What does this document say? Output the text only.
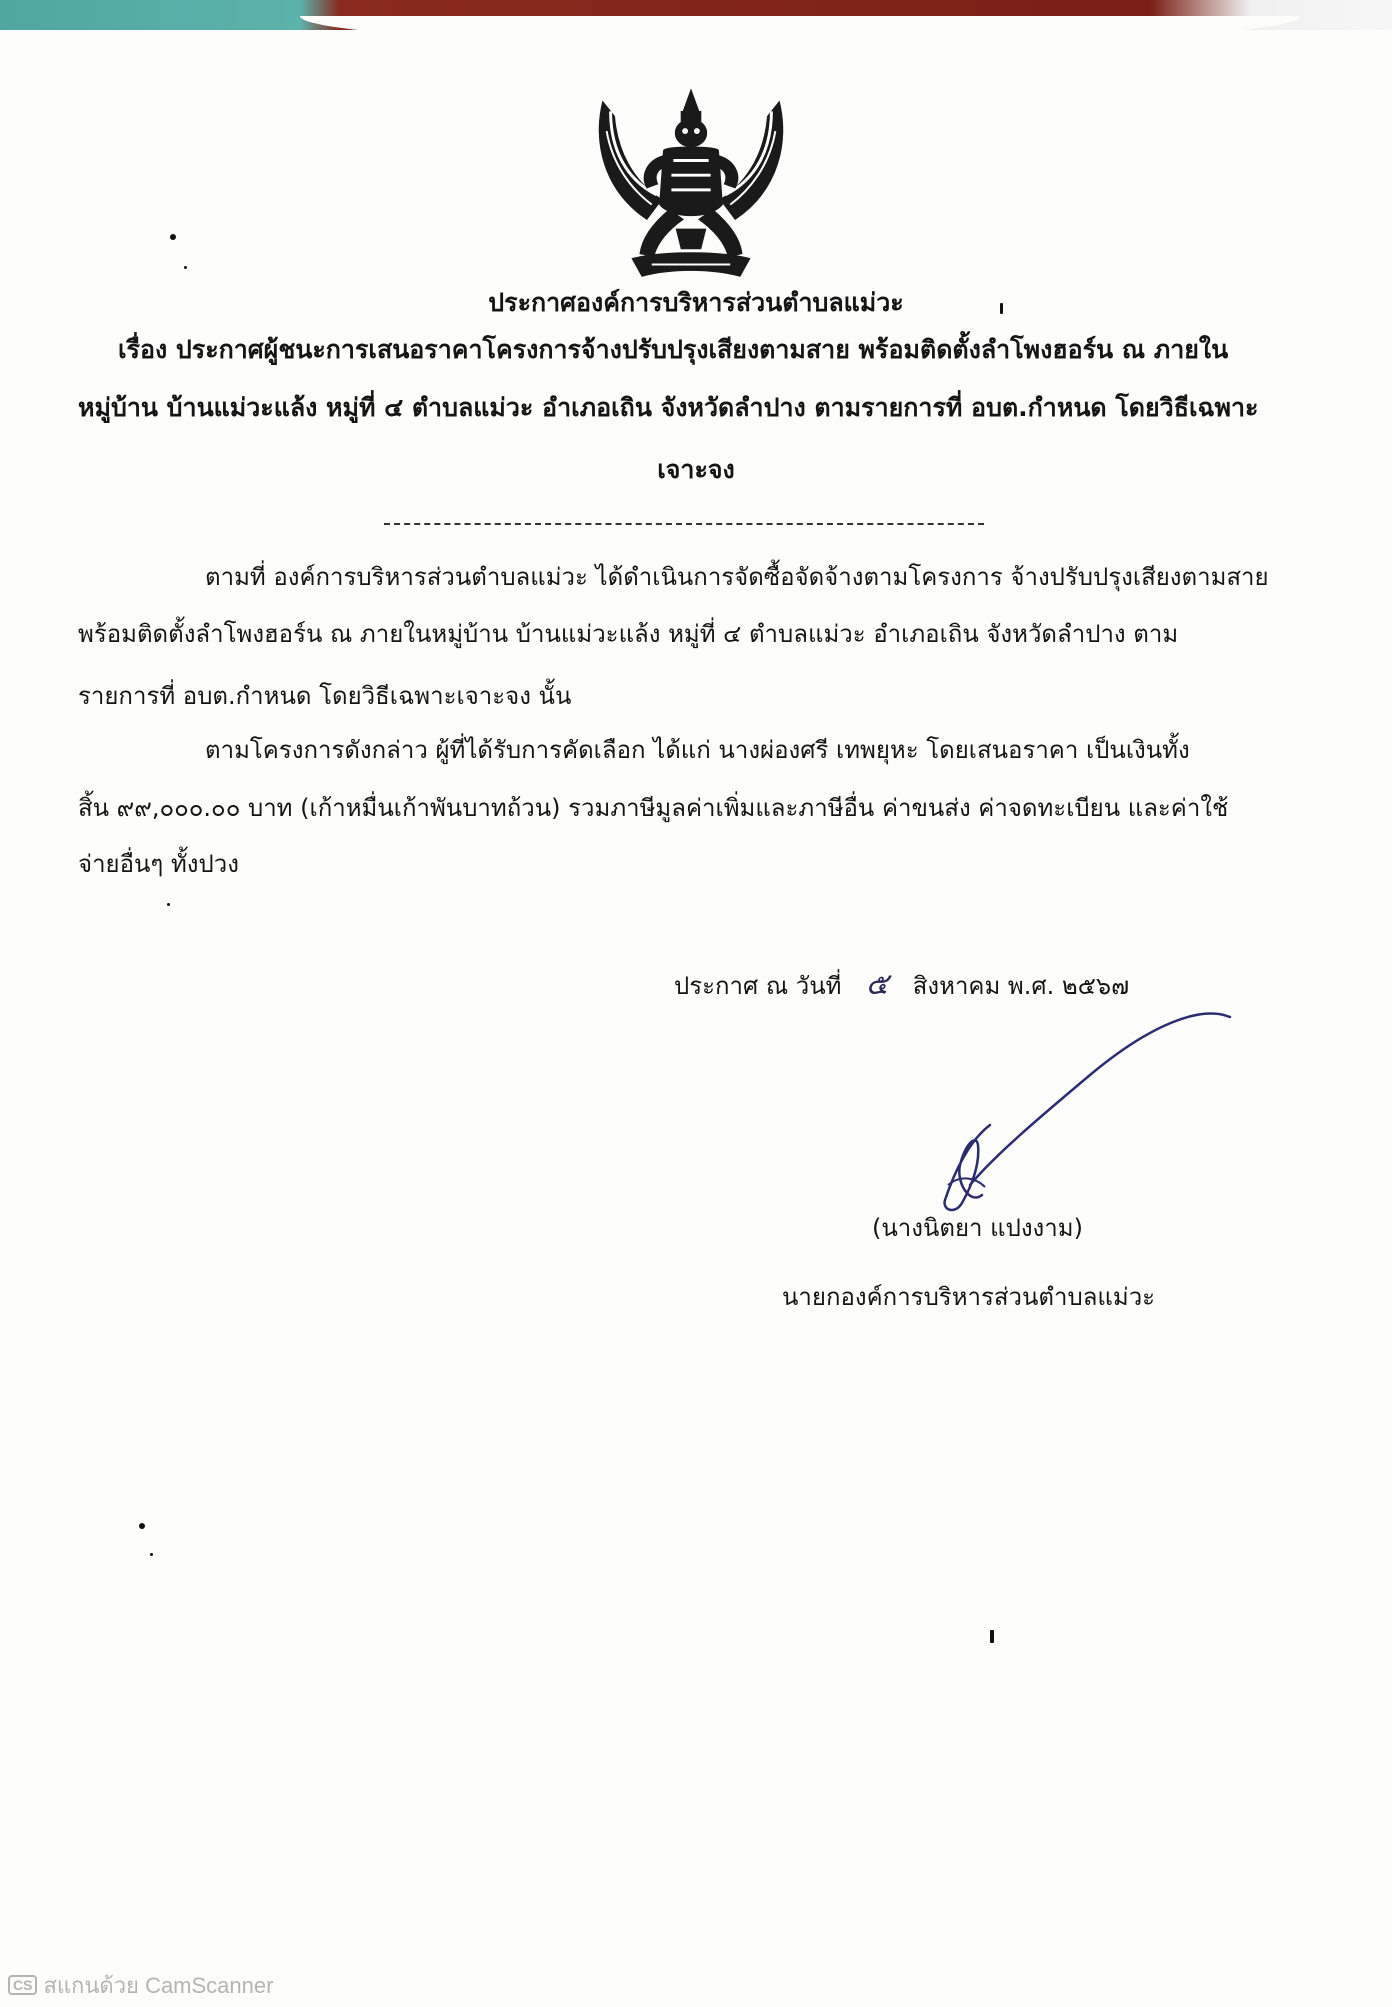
ประกาศองค์การบริหารส่วนตำบลแม่วะ
เรื่อง ประกาศผู้ชนะการเสนอราคาโครงการจ้างปรับปรุงเสียงตามสาย พร้อมติดตั้งลำโพงฮอร์น ณ ภายใน
หมู่บ้าน บ้านแม่วะแล้ง หมู่ที่ ๔ ตำบลแม่วะ อำเภอเถิน จังหวัดลำปาง ตามรายการที่ อบต.กำหนด โดยวิธีเฉพาะ
เจาะจง
ตามที่ องค์การบริหารส่วนตำบลแม่วะ ได้ดำเนินการจัดซื้อจัดจ้างตามโครงการ จ้างปรับปรุงเสียงตามสาย
พร้อมติดตั้งลำโพงฮอร์น ณ ภายในหมู่บ้าน บ้านแม่วะแล้ง หมู่ที่ ๔ ตำบลแม่วะ อำเภอเถิน จังหวัดลำปาง ตาม
รายการที่ อบต.กำหนด โดยวิธีเฉพาะเจาะจง นั้น
ตามโครงการดังกล่าว ผู้ที่ได้รับการคัดเลือก ได้แก่ นางผ่องศรี เทพยุหะ โดยเสนอราคา เป็นเงินทั้ง
สิ้น ๙๙,๐๐๐.๐๐ บาท (เก้าหมื่นเก้าพันบาทถ้วน) รวมภาษีมูลค่าเพิ่มและภาษีอื่น ค่าขนส่ง ค่าจดทะเบียน และค่าใช้
จ่ายอื่นๆ ทั้งปวง
ประกาศ ณ วันที่ ๕ สิงหาคม พ.ศ. ๒๕๖๗
(นางนิตยา แปงงาม)
นายกองค์การบริหารส่วนตำบลแม่วะ
CS สแกนด้วย CamScanner
